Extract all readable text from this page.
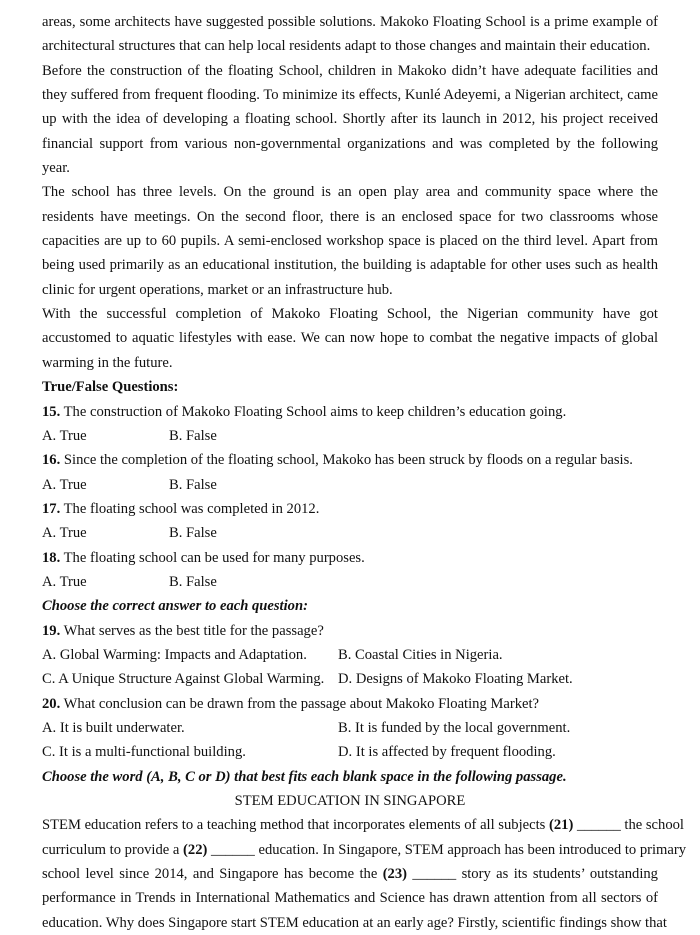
areas, some architects have suggested possible solutions. Makoko Floating School is a prime example of architectural structures that can help local residents adapt to those changes and maintain their education.

Before the construction of the floating School, children in Makoko didn’t have adequate facilities and they suffered from frequent flooding. To minimize its effects, Kunlé Adeyemi, a Nigerian architect, came up with the idea of developing a floating school. Shortly after its launch in 2012, his project received financial support from various non-governmental organizations and was completed by the following year.

The school has three levels. On the ground is an open play area and community space where the residents have meetings. On the second floor, there is an enclosed space for two classrooms whose capacities are up to 60 pupils. A semi-enclosed workshop space is placed on the third level. Apart from being used primarily as an educational institution, the building is adaptable for other uses such as health clinic for urgent operations, market or an infrastructure hub.

With the successful completion of Makoko Floating School, the Nigerian community have got accustomed to aquatic lifestyles with ease. We can now hope to combat the negative impacts of global warming in the future.

True/False Questions:

15. The construction of Makoko Floating School aims to keep children’s education going.

A. True	B. False

16. Since the completion of the floating school, Makoko has been struck by floods on a regular basis.

A. True	B. False

17. The floating school was completed in 2012.

A. True	B. False

18. The floating school can be used for many purposes.

A. True	B. False

Choose the correct answer to each question:

19. What serves as the best title for the passage?

A. Global Warming: Impacts and Adaptation.	B. Coastal Cities in Nigeria.
C. A Unique Structure Against Global Warming. D. Designs of Makoko Floating Market.

20. What conclusion can be drawn from the passage about Makoko Floating Market?

A. It is built underwater.	B. It is funded by the local government.
C. It is a multi-functional building.	D. It is affected by frequent flooding.

Choose the word (A, B, C or D) that best fits each blank space in the following passage.

STEM EDUCATION IN SINGAPORE

STEM education refers to a teaching method that incorporates elements of all subjects (21) ______ the school

curriculum to provide a (22) ______ education. In Singapore, STEM approach has been introduced to primary

school level since 2014, and Singapore has become the (23) ______ story as its students’ outstanding

performance in Trends in International Mathematics and Science has drawn attention from all sectors of

education. Why does Singapore start STEM education at an early age? Firstly, scientific findings show that
